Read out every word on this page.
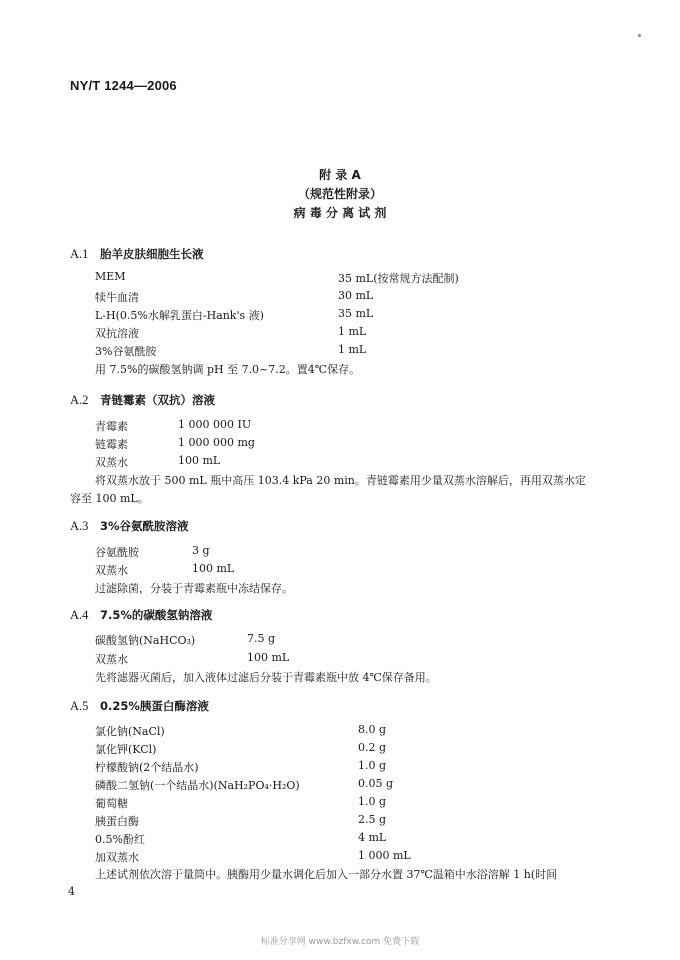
NY/T 1244—2006
附 录 A
（规范性附录）
病 毒 分 离 试 剂
A.1 胎羊皮肤细胞生长液
MEM	35 mL(按常规方法配制)
犊牛血清	30 mL
L-H(0.5%水解乳蛋白-Hank's 液)	35 mL
双抗溶液	1 mL
3%谷氨酰胺	1 mL
用 7.5%的碳酸氢钠调 pH 至 7.0~7.2。置4℃保存。
A.2 青链霉素（双抗）溶液
青霉素	1 000 000 IU
链霉素	1 000 000 mg
双蒸水	100 mL
将双蒸水放于 500 mL 瓶中高压 103.4 kPa 20 min。青链霉素用少量双蒸水溶解后，再用双蒸水定
容至 100 mL。
A.3 3%谷氨酰胺溶液
谷氨酰胺	3 g
双蒸水	100 mL
过滤除菌，分装于青霉素瓶中冻结保存。
A.4 7.5%的碳酸氢钠溶液
碳酸氢钠(NaHCO₃)	7.5 g
双蒸水	100 mL
先将滤器灭菌后，加入液体过滤后分装于青霉素瓶中放 4℃保存备用。
A.5 0.25%胰蛋白酶溶液
氯化钠(NaCl)	8.0 g
氯化钾(KCl)	0.2 g
柠檬酸钠(2个结晶水)	1.0 g
磷酸二氢钠(一个结晶水)(NaH₂PO₄·H₂O)	0.05 g
葡萄糖	1.0 g
胰蛋白酶	2.5 g
0.5%酚红	4 mL
加双蒸水	1 000 mL
上述试剂依次溶于量筒中。胰酶用少量水调化后加入一部分水置 37℃温箱中水浴溶解 1 h(时间
4
标准分享网 www.bzfxw.com 免费下载
